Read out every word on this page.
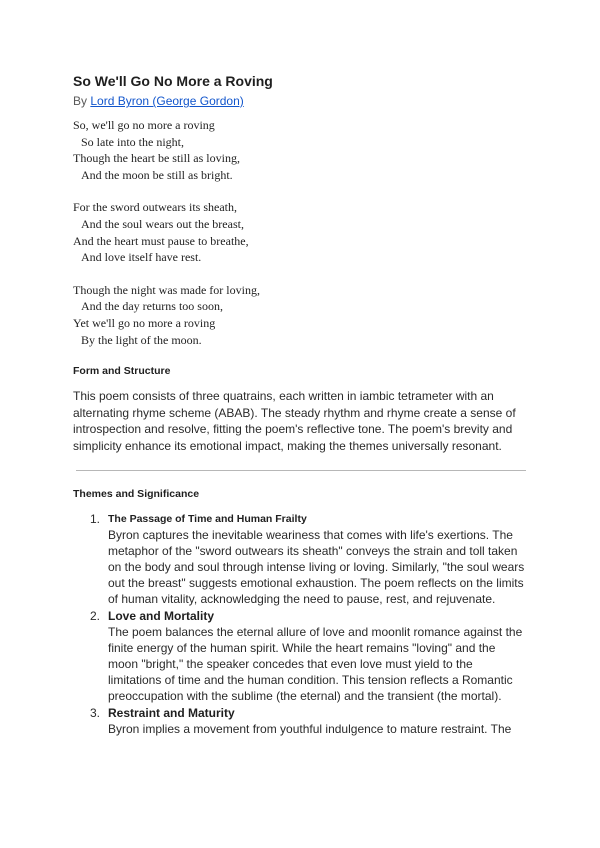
So We'll Go No More a Roving

By Lord Byron (George Gordon)

So, we'll go no more a roving
So late into the night,
Though the heart be still as loving,
And the moon be still as bright.
For the sword outwears its sheath,
And the soul wears out the breast,
And the heart must pause to breathe,
And love itself have rest.
Though the night was made for loving,
And the day returns too soon,
Yet we'll go no more a roving
By the light of the moon.
Form and Structure

This poem consists of three quatrains, each written in iambic tetrameter with an alternating rhyme scheme (ABAB). The steady rhythm and rhyme create a sense of introspection and resolve, fitting the poem's reflective tone. The poem's brevity and simplicity enhance its emotional impact, making the themes universally resonant.

Themes and Significance
1. The Passage of Time and Human Frailty
Byron captures the inevitable weariness that comes with life's exertions. The metaphor of the "sword outwears its sheath" conveys the strain and toll taken on the body and soul through intense living or loving. Similarly, "the soul wears out the breast" suggests emotional exhaustion. The poem reflects on the limits of human vitality, acknowledging the need to pause, rest, and rejuvenate.
2. Love and Mortality
The poem balances the eternal allure of love and moonlit romance against the finite energy of the human spirit. While the heart remains "loving" and the moon "bright," the speaker concedes that even love must yield to the limitations of time and the human condition. This tension reflects a Romantic preoccupation with the sublime (the eternal) and the transient (the mortal).
3. Restraint and Maturity
Byron implies a movement from youthful indulgence to mature restraint. The
